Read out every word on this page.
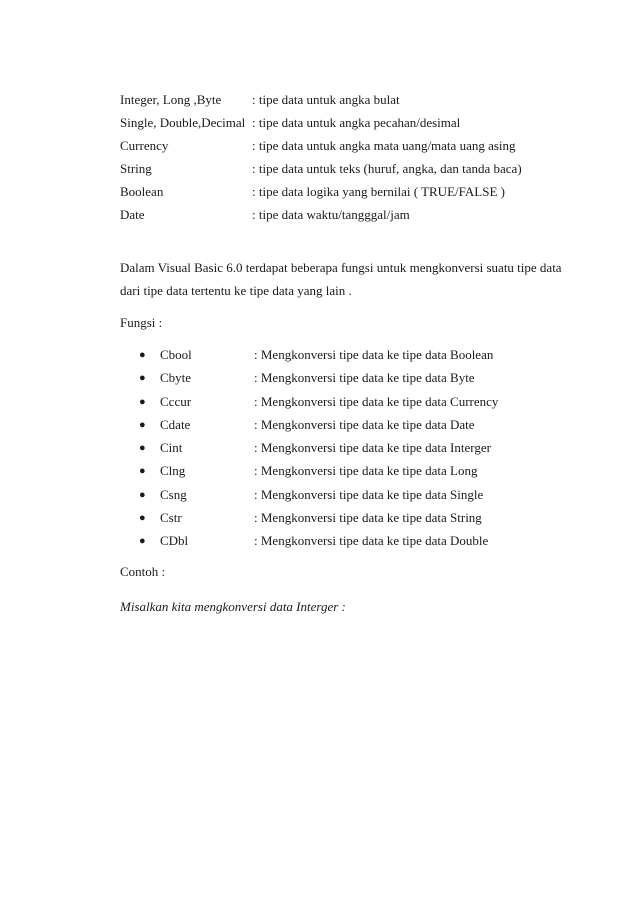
Integer, Long ,Byte : tipe data untuk angka bulat
Single, Double,Decimal : tipe data untuk angka pecahan/desimal
Currency	: tipe data untuk angka mata uang/mata uang asing
String	: tipe data untuk teks (huruf, angka, dan tanda baca)
Boolean	: tipe data logika yang bernilai ( TRUE/FALSE )
Date	: tipe data waktu/tangggal/jam
Dalam Visual Basic 6.0 terdapat beberapa fungsi untuk mengkonversi suatu tipe data
dari tipe data tertentu ke tipe data yang lain .
Fungsi :
● Cbool	: Mengkonversi tipe data ke tipe data Boolean
● Cbyte	: Mengkonversi tipe data ke tipe data Byte
● Cccur	: Mengkonversi tipe data ke tipe data Currency
● Cdate	: Mengkonversi tipe data ke tipe data Date
● Cint	: Mengkonversi tipe data ke tipe data Interger
● Clng	: Mengkonversi tipe data ke tipe data Long
● Csng	: Mengkonversi tipe data ke tipe data Single
● Cstr	: Mengkonversi tipe data ke tipe data String
● CDbl	: Mengkonversi tipe data ke tipe data Double
Contoh :
Misalkan kita mengkonversi data Interger :
